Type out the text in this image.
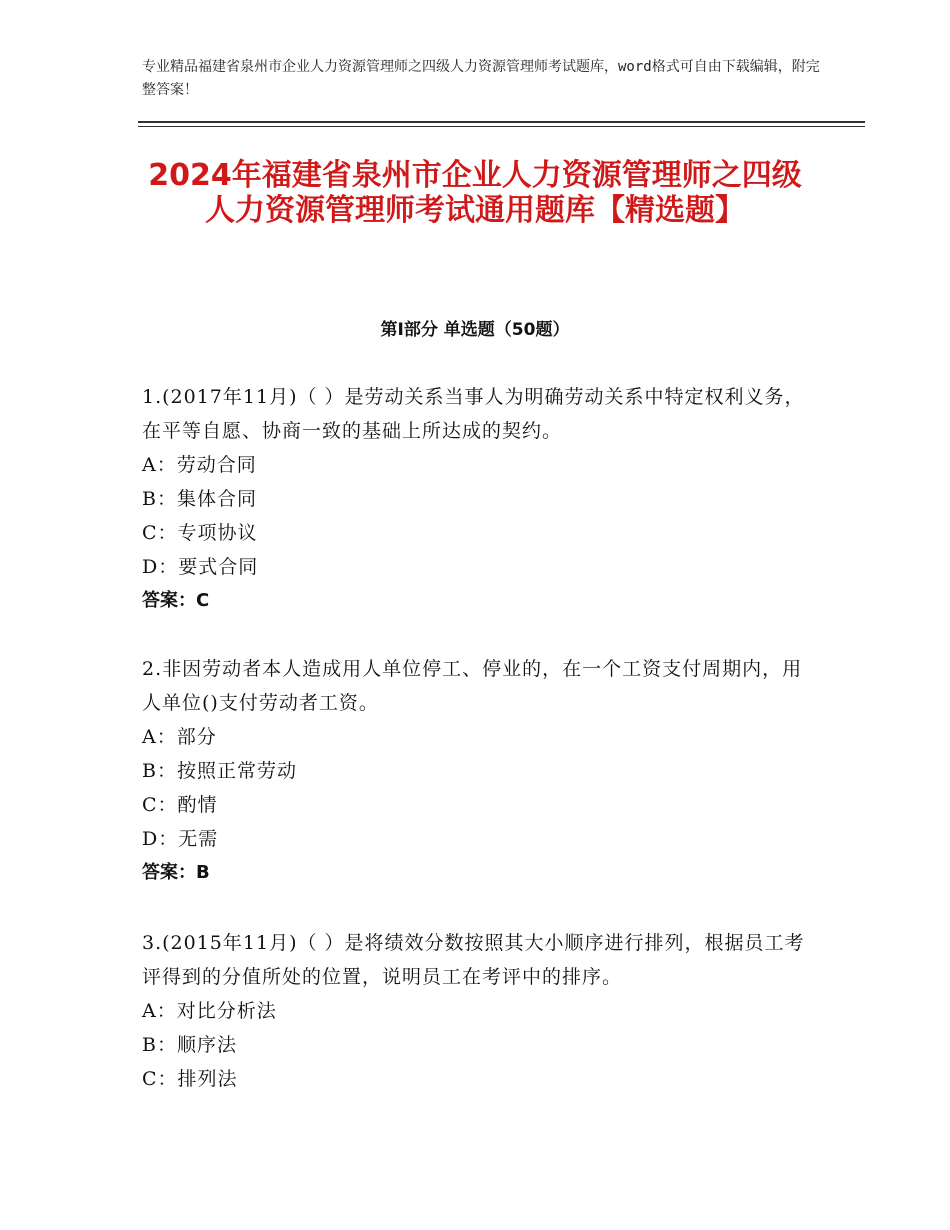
专业精品福建省泉州市企业人力资源管理师之四级人力资源管理师考试题库，word格式可自由下载编辑，附完整答案！
2024年福建省泉州市企业人力资源管理师之四级人力资源管理师考试通用题库【精选题】
第Ⅰ部分 单选题（50题）

1.(2017年11月)（ ）是劳动关系当事人为明确劳动关系中特定权利义务，在平等自愿、协商一致的基础上所达成的契约。

A：劳动合同

B：集体合同

C：专项协议

D：要式合同

答案：C

2.非因劳动者本人造成用人单位停工、停业的，在一个工资支付周期内，用人单位()支付劳动者工资。

A：部分

B：按照正常劳动

C：酌情

D：无需

答案：B

3.(2015年11月)（ ）是将绩效分数按照其大小顺序进行排列，根据员工考评得到的分值所处的位置，说明员工在考评中的排序。

A：对比分析法

B：顺序法

C：排列法
